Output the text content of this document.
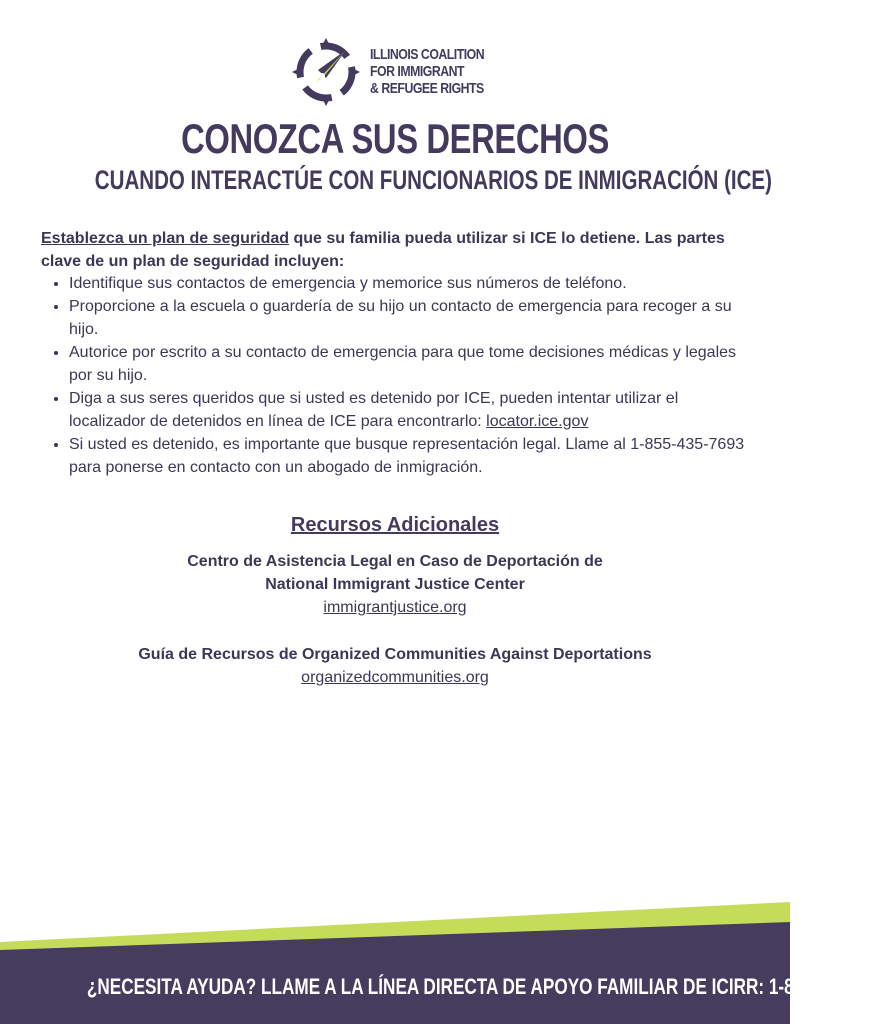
ILLINOIS COALITION
FOR IMMIGRANT
& REFUGEE RIGHTS
CONOZCA SUS DERECHOS
CUANDO INTERACTÚE CON FUNCIONARIOS DE INMIGRACIÓN (ICE)
Establezca un plan de seguridad que su familia pueda utilizar si ICE lo detiene. Las partes clave de un plan de seguridad incluyen:
• Identifique sus contactos de emergencia y memorice sus números de teléfono.
• Proporcione a la escuela o guardería de su hijo un contacto de emergencia para recoger a su hijo.
• Autorice por escrito a su contacto de emergencia para que tome decisiones médicas y legales por su hijo.
• Diga a sus seres queridos que si usted es detenido por ICE, pueden intentar utilizar el localizador de detenidos en línea de ICE para encontrarlo: locator.ice.gov
• Si usted es detenido, es importante que busque representación legal. Llame al 1-855-435-7693 para ponerse en contacto con un abogado de inmigración.
Recursos Adicionales
Centro de Asistencia Legal en Caso de Deportación de
National Immigrant Justice Center
immigrantjustice.org
Guía de Recursos de Organized Communities Against Deportations
organizedcommunities.org
¿NECESITA AYUDA? LLAME A LA LÍNEA DIRECTA DE APOYO FAMILIAR DE ICIRR: 1-855-435-7693
